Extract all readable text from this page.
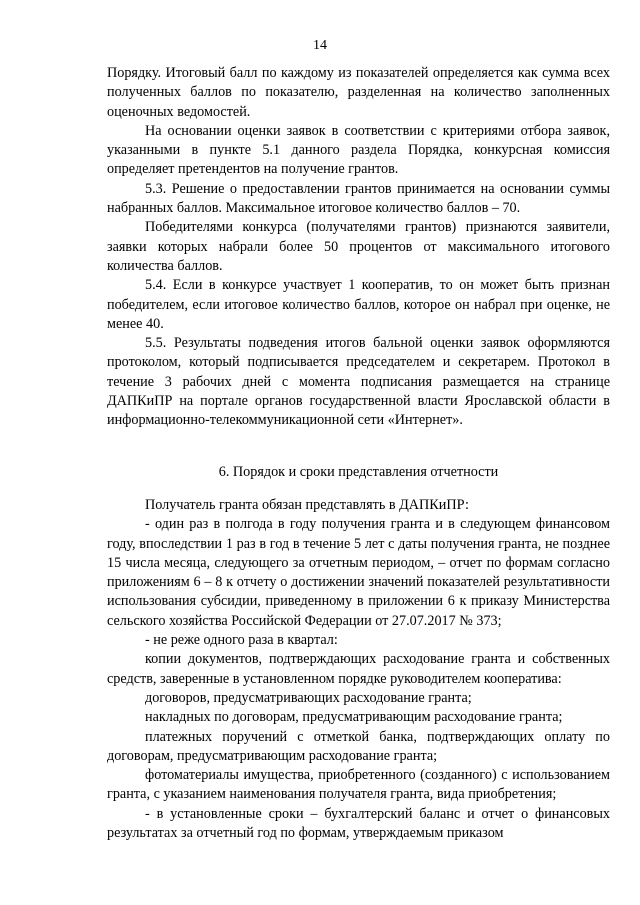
14

Порядку. Итоговый балл по каждому из показателей определяется как сумма всех полученных баллов по показателю, разделенная на количество заполненных оценочных ведомостей.

На основании оценки заявок в соответствии с критериями отбора заявок, указанными в пункте 5.1 данного раздела Порядка, конкурсная комиссия определяет претендентов на получение грантов.

5.3. Решение о предоставлении грантов принимается на основании суммы набранных баллов. Максимальное итоговое количество баллов – 70.

Победителями конкурса (получателями грантов) признаются заявители, заявки которых набрали более 50 процентов от максимального итогового количества баллов.

5.4. Если в конкурсе участвует 1 кооператив, то он может быть признан победителем, если итоговое количество баллов, которое он набрал при оценке, не менее 40.

5.5. Результаты подведения итогов бальной оценки заявок оформляются протоколом, который подписывается председателем и секретарем. Протокол в течение 3 рабочих дней с момента подписания размещается на странице ДАПКиПР на портале органов государственной власти Ярославской области в информационно-телекоммуникационной сети «Интернет».

6. Порядок и сроки представления отчетности

Получатель гранта обязан представлять в ДАПКиПР:

- один раз в полгода в году получения гранта и в следующем финансовом году, впоследствии 1 раз в год в течение 5 лет с даты получения гранта, не позднее 15 числа месяца, следующего за отчетным периодом, – отчет по формам согласно приложениям 6 – 8 к отчету о достижении значений показателей результативности использования субсидии, приведенному в приложении 6 к приказу Министерства сельского хозяйства Российской Федерации от 27.07.2017 № 373;

- не реже одного раза в квартал:

копии документов, подтверждающих расходование гранта и собственных средств, заверенные в установленном порядке руководителем кооператива:

договоров, предусматривающих расходование гранта;

накладных по договорам, предусматривающим расходование гранта;

платежных поручений с отметкой банка, подтверждающих оплату по договорам, предусматривающим расходование гранта;

фотоматериалы имущества, приобретенного (созданного) с использованием гранта, с указанием наименования получателя гранта, вида приобретения;

- в установленные сроки – бухгалтерский баланс и отчет о финансовых результатах за отчетный год по формам, утверждаемым приказом
